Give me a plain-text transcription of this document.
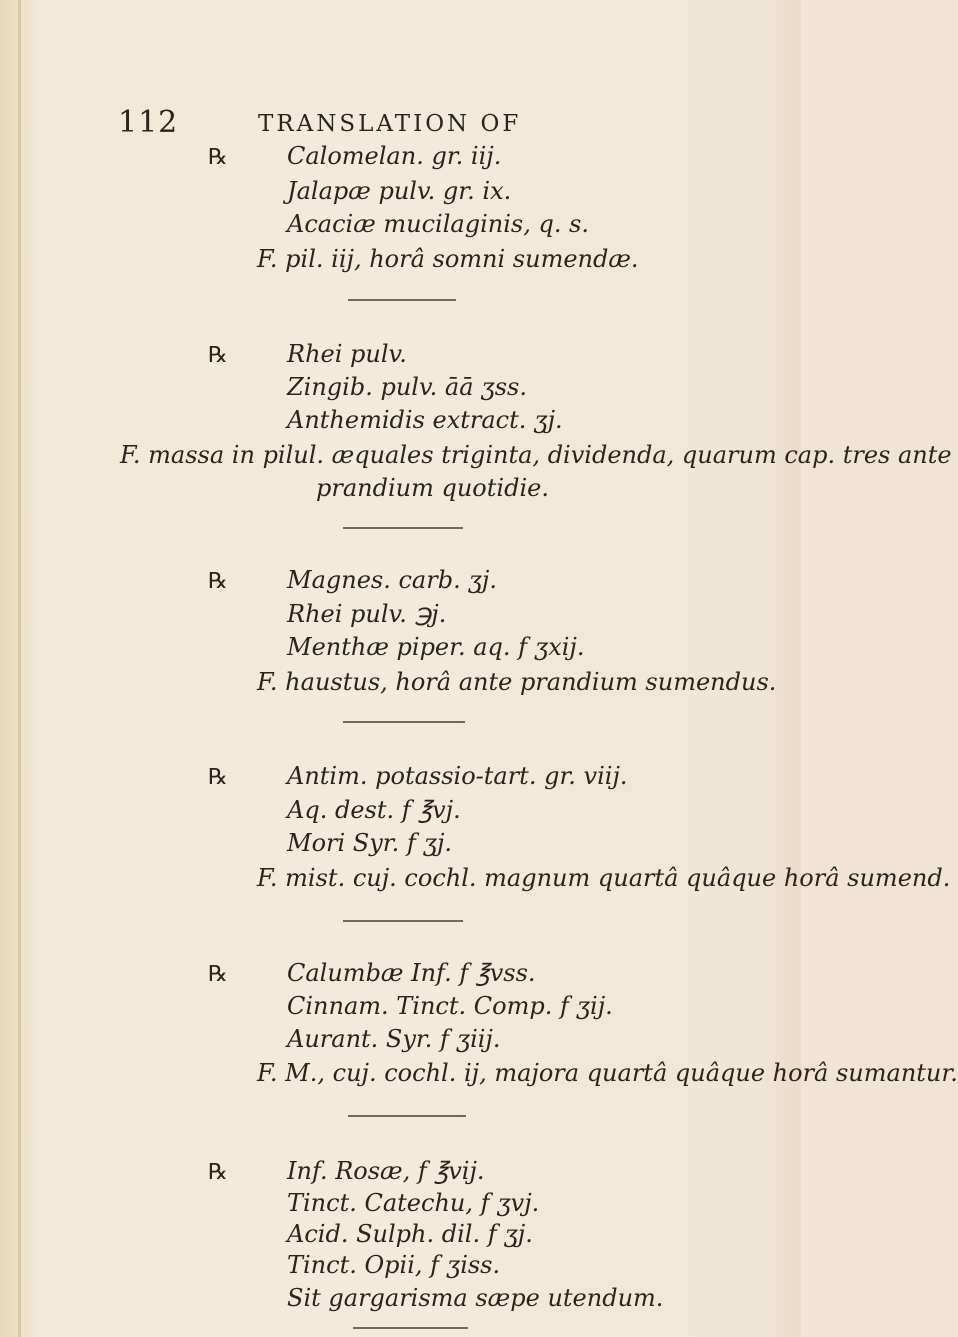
112	TRANSLATION OF
℞ Calomelan. gr. iij.
Jalapæ pulv. gr. ix.
Acaciæ mucilaginis, q. s.
F. pil. iij, horâ somni sumendæ.
℞ Rhei pulv.
Zingib. pulv. āā ʒss.
Anthemidis extract. ʒj.
F. massa in pilul. æquales triginta, dividenda, quarum cap. tres ante
prandium quotidie.
℞ Magnes. carb. ʒj.
Rhei pulv. ℈j.
Menthæ piper. aq. f ʒxij.
F. haustus, horâ ante prandium sumendus.
℞ Antim. potassio-tart. gr. viij.
Aq. dest. f ℥vj.
Mori Syr. f ʒj.
F. mist. cuj. cochl. magnum quartâ quâque horâ sumend.
℞ Calumbæ Inf. f ℥vss.
Cinnam. Tinct. Comp. f ʒij.
Aurant. Syr. f ʒiij.
F. M., cuj. cochl. ij, majora quartâ quâque horâ sumantur.
℞ Inf. Rosæ, f ℥vij.
Tinct. Catechu, f ʒvj.
Acid. Sulph. dil. f ʒj.
Tinct. Opii, f ʒiss.
Sit gargarisma sæpe utendum.
